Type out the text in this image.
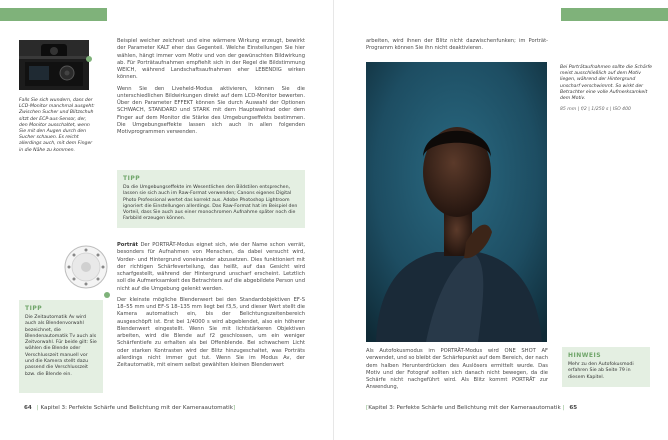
Falls Sie sich wundern, dass der LCD-Monitor manchmal ausgeht: Zwischen Sucher und Blitzschuh sitzt der ECP-aus-Sensor, der, den Monitor ausschaltet, wenn Sie mit den Augen durch den Sucher schauen. Es reicht allerdings auch, mit dem Finger in die Nähe zu kommen.
TIPP
Die Zeitautomatik Av wird auch als Blendenvorwahl bezeichnet, die Blendenautomatik Tv auch als Zeitvorwahl. Für beide gilt: Sie wählen die Blende oder Verschlusszeit manuell vor und die Kamera stellt dazu passend die Verschlusszeit bzw. die Blende ein.

Beispiel weicher zeichnet und eine wärmere Wirkung erzeugt, bewirkt der Parameter KALT eher das Gegenteil. Welche Einstellungen Sie hier wählen, hängt immer vom Motiv und von der gewünschten Bildwirkung ab. Für Porträtaufnahmen empfiehlt sich in der Regel die Bildstimmung WEICH, während Landschaftsaufnahmen eher LEBENDIG wirken können.

Wenn Sie den Liveheld-Modus aktivieren, können Sie die unterschiedlichen Bildwirkungen direkt auf dem LCD-Monitor bewerten. Über den Parameter EFFEKT können Sie durch Auswahl der Optionen SCHWACH, STANDARD und STARK mit dem Hauptwahlrad oder dem Finger auf dem Monitor die Stärke des Umgebungseffekts bestimmen. Die Umgebungseffekte lassen sich auch in allen folgenden Motivprogrammen verwenden.

TIPP
Da die Umgebungseffekte im Wesentlichen den Bildstilen entsprechen, lassen sie sich auch im Raw-Format verwenden; Canons eigenes Digital Photo Professional wertet das korrekt aus. Adobe Photoshop Lightroom ignoriert die Einstellungen allerdings. Das Raw-Format hat im Beispiel den Vorteil, dass Sie auch aus einer monochromen Aufnahme später noch die Farbbild erzeugen können.

Porträt Der PORTRÄT-Modus eignet sich, wie der Name schon verrät, besonders für Aufnahmen von Menschen, da dabei versucht wird, Vorder- und Hintergrund voneinander abzusetzen. Dies funktioniert mit der richtigen Schärfeverteilung, das heißt, auf das Gesicht wird scharfgestellt, während der Hintergrund unscharf erscheint. Letztlich soll die Aufmerksamkeit des Betrachters auf die abgebildete Person und nicht auf die Umgebung gelenkt werden.

Der kleinste mögliche Blendenwert bei den Standardobjektiven EF-S 18–55 mm und EF-S 18–135 mm liegt bei f3,5, und dieser Wert stellt die Kamera automatisch ein, bis der Belichtungszeitenbereich ausgeschöpft ist. Erst bei 1/4000 s wird abgeblendet, also ein höherer Blendenwert eingestellt. Wenn Sie mit lichtstärkeren Objektiven arbeiten, wird die Blende auf f2 geschlossen, um ein weniger Schärfentiefe zu erhalten als bei Offenblende. Bei schwachem Licht oder starken Kontrasten wird der Blitz hinzugeschaltet, was Porträts allerdings nicht immer gut tut. Wenn Sie im Modus Av, der Zeitautomatik, mit einem selbst gewählten kleinen Blendenwert

64 | Kapitel 3: Perfekte Schärfe und Belichtung mit der Kameraautomatik]

arbeiten, wird ihnen der Blitz nicht dazwischenfunken; im Porträt-Programm können Sie ihn nicht deaktivieren.

Bei Porträtaufnahmen sollte die Schärfe meist ausschließlich auf dem Motiv liegen, während der Hintergrund unscharf verschwimmt. So wirkt der Betrachter eine volle Aufmerksamkeit dem Motiv.
85 mm | f/2 | 1/250 s | ISO 400

Als Autofokusmodus im PORTRÄT-Modus wird ONE SHOT AF verwendet, und so bleibt der Schärfepunkt auf dem Bereich, der nach dem halben Herunterdrücken des Auslösers ermittelt wurde. Das Motiv und der Fotograf sollten sich danach nicht bewegen, da die Schärfe nicht nachgeführt wird. Als Blitz kommt PORTRÄT zur Anwendung,

HINWEIS
Mehr zu den Autofokusmodi erfahren Sie ab Seite 79 in diesem Kapitel.
[Kapitel 3: Perfekte Schärfe und Belichtung mit der Kameraautomatik | 65
